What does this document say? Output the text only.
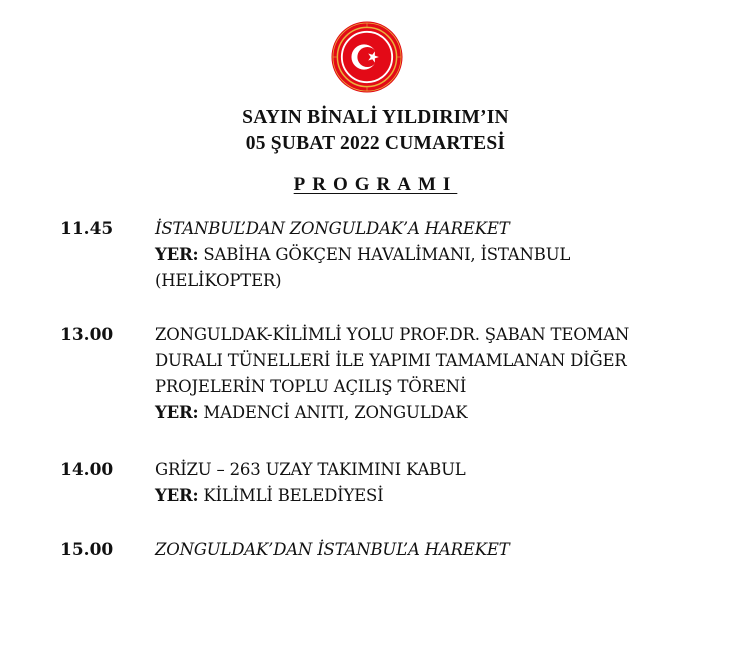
SAYIN BİNALİ YILDIRIM’IN
05 ŞUBAT 2022 CUMARTESİ
PROGRAMI
11.45	İSTANBUL’DAN ZONGULDAK’A HAREKET
YER: SABİHA GÖKÇEN HAVALİMANI, İSTANBUL
(HELİKOPTER)
13.00	ZONGULDAK-KİLİMLİ YOLU PROF.DR. ŞABAN TEOMAN
DURALI TÜNELLERİ İLE YAPIMI TAMAMLANAN DİĞER
PROJELERİN TOPLU AÇILIŞ TÖRENİ
YER: MADENCİ ANITI, ZONGULDAK
14.00	GRİZU – 263 UZAY TAKIMINI KABUL
YER: KİLİMLİ BELEDİYESİ
15.00	ZONGULDAK’DAN İSTANBUL’A HAREKET
